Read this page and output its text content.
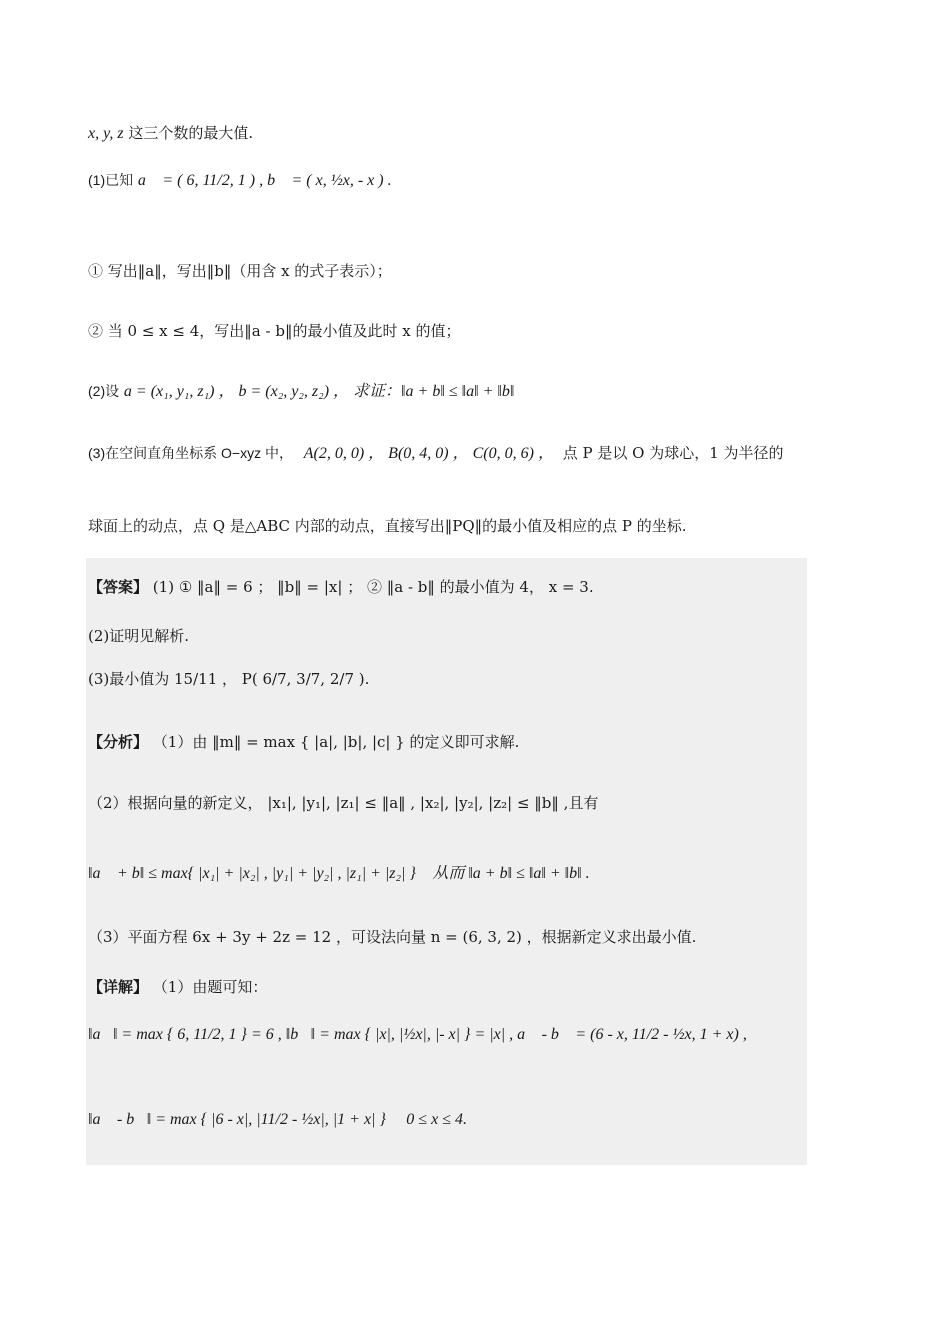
x, y, z 这三个数的最大值.
(1)已知 a⃗ = ( 6, 11/2, 1 ) , b⃗ = ( x, ½x, - x ) .
① 写出‖a‖，写出‖b‖（用含 x 的式子表示）；
② 当 0 ≤ x ≤ 4，写出‖a - b‖的最小值及此时 x 的值；
(2)设 a = (x₁, y₁, z₁) ， b = (x₂, y₂, z₂) ， 求证：‖a + b‖ ≤ ‖a‖ + ‖b‖
(3)在空间直角坐标系 O−xyz 中， A(2, 0, 0) ， B(0, 4, 0) ， C(0, 0, 6) ， 点 P 是以 O 为球心，1 为半径的
球面上的动点，点 Q 是△ABC 内部的动点，直接写出‖PQ‖的最小值及相应的点 P 的坐标.
【答案】 (1) ① ‖a‖ = 6 ； ‖b‖ = |x| ； ② ‖a - b‖ 的最小值为 4， x = 3.
(2)证明见解析.
(3)最小值为 15/11 ， P( 6/7, 3/7, 2/7 ).
【分析】 （1）由 ‖m‖ = max { |a|, |b|, |c| } 的定义即可求解.
（2）根据向量的新定义， |x₁|, |y₁|, |z₁| ≤ ‖a‖ , |x₂|, |y₂|, |z₂| ≤ ‖b‖ ,且有
‖a⃗ + b‖ ≤ max{ |x₁| + |x₂| , |y₁| + |y₂| , |z₁| + |z₂| }， 从而 ‖a + b‖ ≤ ‖a‖ + ‖b‖ .
（3）平面方程 6x + 3y + 2z = 12 ，可设法向量 n = (6, 3, 2) ，根据新定义求出最小值.
【详解】 （1）由题可知：
‖a⃗‖ = max { 6, 11/2, 1 } = 6 , ‖b⃗‖ = max { |x|, |½x|, |- x| } = |x| , a⃗ - b⃗ = (6 - x, 11/2 - ½x, 1 + x) ,
‖a⃗ - b⃗‖ = max { |6 - x|, |11/2 - ½x|, |1 + x| } ， 0 ≤ x ≤ 4.
